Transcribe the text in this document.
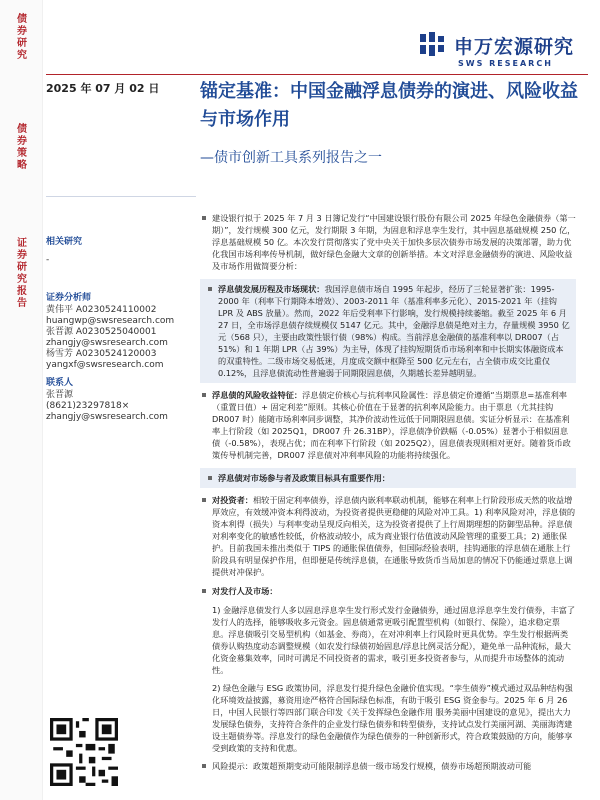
债券研究
债券策略
证券研究报告
申万宏源研究
SWS RESEARCH
2025 年 07 月 02 日 锚定基准：中国金融浮息债券的演进、风险收益与市场作用
—债市创新工具系列报告之一
相关研究
-
证券分析师
黄伟平 A0230524110002
huangwp@swsresearch.com
张晋源 A0230525040001
zhangjy@swsresearch.com
杨雪芳 A0230524120003
yangxf@swsresearch.com
联系人
张晋源
(8621)23297818×
zhangjy@swsresearch.com
建设银行拟于 2025 年 7 月 3 日簿记发行“中国建设银行股份有限公司 2025 年绿色金融债券（第一期）”，发行规模 300 亿元，发行期限 3 年期，为固息和浮息孪生发行，其中固息基础规模 250 亿，浮息基础规模 50 亿。本次发行贯彻落实了党中央关于加快多层次债券市场发展的决策部署，助力优化我国市场利率传导机制，做好绿色金融大文章的创新举措。本文对浮息金融债券的演进、风险收益及市场作用做简要分析：
浮息债发展历程及市场现状：我国浮息债市场自 1995 年起步，经历了三轮显著扩张：1995-2000 年（利率下行期降本增效）、2003-2011 年（基准利率多元化）、2015-2021 年（挂钩 LPR 及 ABS 放量）。然而，2022 年后受利率下行影响，发行规模持续萎缩。截至 2025 年 6 月 27 日，全市场浮息债存续规模仅 5147 亿元。其中，金融浮息债是绝对主力，存量规模 3950 亿元（568 只），主要由政策性银行债（98%）构成。当前浮息金融债的基准利率以 DR007（占 51%）和 1 年期 LPR（占 39%）为主导，体现了挂钩短期货币市场利率和中长期实体融资成本的双重特性。二级市场交易低迷，月度成交额中枢降至 500 亿元左右，占全债市成交比重仅 0.12%，且浮息债流动性普遍弱于同期限固息债，久期越长差异越明显。
浮息债的风险收益特征：浮息债定价核心与抗利率风险属性：浮息债定价遵循“当期票息=基准利率（重置日值）+ 固定利差”原则。其核心价值在于显著的抗利率风险能力。由于票息（尤其挂钩 DR007 时）能随市场利率同步调整，其净价波动性远低于同期限固息债。实证分析显示：在基准利率上行阶段（如 2025Q1，DR007 升 26.31BP），浮息债净价跌幅（-0.05%）显著小于相似固息债（-0.58%），表现占优；而在利率下行阶段（如 2025Q2），固息债表现则相对更好。随着货币政策传导机制完善，DR007 浮息债对冲利率风险的功能将持续强化。
浮息债对市场参与者及政策目标具有重要作用：
对投资者：相较于固定利率债券，浮息债内嵌利率联动机制，能够在利率上行阶段形成天然的收益增厚效应，有效缓冲资本利得波动，为投资者提供更稳健的风险对冲工具。1) 利率风险对冲，浮息债的资本利得（损失）与利率变动呈现反向相关，这为投资者提供了上行周期理想的防御型品种。浮息债对利率变化的敏感性较低，价格波动较小，成为商业银行估值波动风险管理的重要工具；2) 通胀保护。目前我国未推出类似于 TIPS 的通胀保值债券，但国际经验表明，挂钩通胀的浮息债在通胀上行阶段具有明显保护作用，但即便是传统浮息债，在通胀导致货币当局加息的情况下仍能通过票息上调提供对冲保护。
对发行人及市场：
1) 金融浮息债发行人多以固息浮息孪生发行形式发行金融债券，通过固息浮息孪生发行债券，丰富了发行人的选择，能够吸收多元资金。固息债通常更吸引配置型机构（如银行、保险），追求稳定票息。浮息债吸引交易型机构（如基金、券商），在对冲利率上行风险时更具优势。孪生发行根据两类债券认购热度动态调整规模（如农发行绿债初始固息/浮息比例灵活分配），避免单一品种流标，最大化资金募集效率，同时可满足不同投资者的需求，吸引更多投资者参与，从而提升市场整体的流动性。
2) 绿色金融与 ESG 政策协同，浮息发行提升绿色金融价值实现。“孪生债券”模式通过双品种结构强化环境效益披露，募资用途严格符合国际绿色标准，有助于吸引 ESG 资金参与。2025 年 6 月 26 日，中国人民银行等四部门联合印发《关于发挥绿色金融作用 服务美丽中国建设的意见》，提出大力发展绿色债券，支持符合条件的企业发行绿色债券和转型债券，支持试点发行美丽河湖、美丽海湾建设主题债券等。浮息发行的绿色金融债作为绿色债券的一种创新形式，符合政策鼓励的方向，能够享受到政策的支持和优惠。
风险提示：政策超预期变动可能限制浮息债一级市场发行规模，债券市场超预期波动可能
